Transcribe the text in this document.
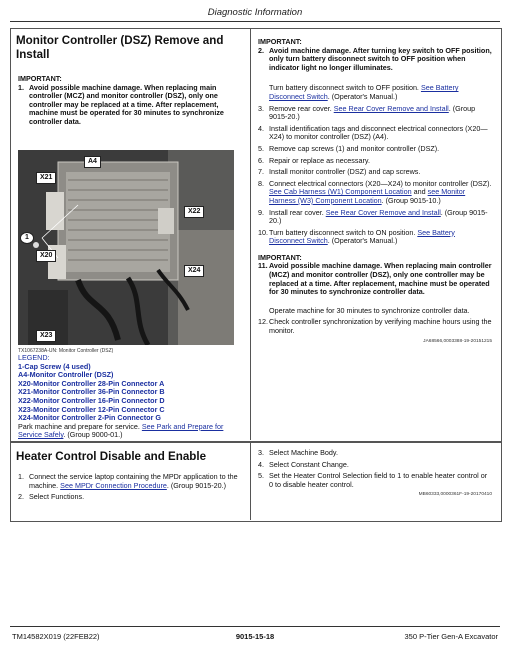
Diagnostic Information
Monitor Controller (DSZ) Remove and Install
IMPORTANT:
1. Avoid possible machine damage. When replacing main controller (MCZ) and monitor controller (DSZ), only one controller may be replaced at a time. After replacement, machine must be operated for 30 minutes to synchronize controller data.
A4
X21
X22
1
X20
X24
X23
TX1067238A-UN: Monitor Controller (DSZ)
LEGEND:
1-Cap Screw (4 used)
A4-Monitor Controller (DSZ)
X20-Monitor Controller 28-Pin Connector A
X21-Monitor Controller 36-Pin Connector B
X22-Monitor Controller 16-Pin Connector D
X23-Monitor Controller 12-Pin Connector C
X24-Monitor Controller 2-Pin Connector G
Park machine and prepare for service. See Park and Prepare for Service Safely. (Group 9000-01.)
IMPORTANT:
2. Avoid machine damage. After turning key switch to OFF position, only turn battery disconnect switch to OFF position when indicator light no longer illuminates.
Turn battery disconnect switch to OFF position. See Battery Disconnect Switch. (Operator's Manual.)
3. Remove rear cover. See Rear Cover Remove and Install. (Group 9015-20.)
4. Install identification tags and disconnect electrical connectors (X20—X24) to monitor controller (DSZ) (A4).
5. Remove cap screws (1) and monitor controller (DSZ).
6. Repair or replace as necessary.
7. Install monitor controller (DSZ) and cap screws.
8. Connect electrical connectors (X20—X24) to monitor controller (DSZ). See Cab Harness (W1) Component Location and see Monitor Harness (W3) Component Location. (Group 9015-10.)
9. Install rear cover. See Rear Cover Remove and Install. (Group 9015-20.)
10. Turn battery disconnect switch to ON position. See Battery Disconnect Switch. (Operator's Manual.)
IMPORTANT:
11. Avoid possible machine damage. When replacing main controller (MCZ) and monitor controller (DSZ), only one controller may be replaced at a time. After replacement, machine must be operated for 30 minutes to synchronize controller data.
Operate machine for 30 minutes to synchronize controller data.
12. Check controller synchronization by verifying machine hours using the monitor.
JA68566,0003388-19-20151215
Heater Control Disable and Enable
1. Connect the service laptop containing the MPDr application to the machine. See MPDr Connection Procedure. (Group 9015-20.)
2. Select Functions.
3. Select Machine Body.
4. Select Constant Change.
5. Set the Heater Control Selection field to 1 to enable heater control or 0 to disable heater control.
MB60333,0000361F-19-20170410
TM14582X019 (22FEB22)	9015-15-18	350 P-Tier Gen-A Excavator
